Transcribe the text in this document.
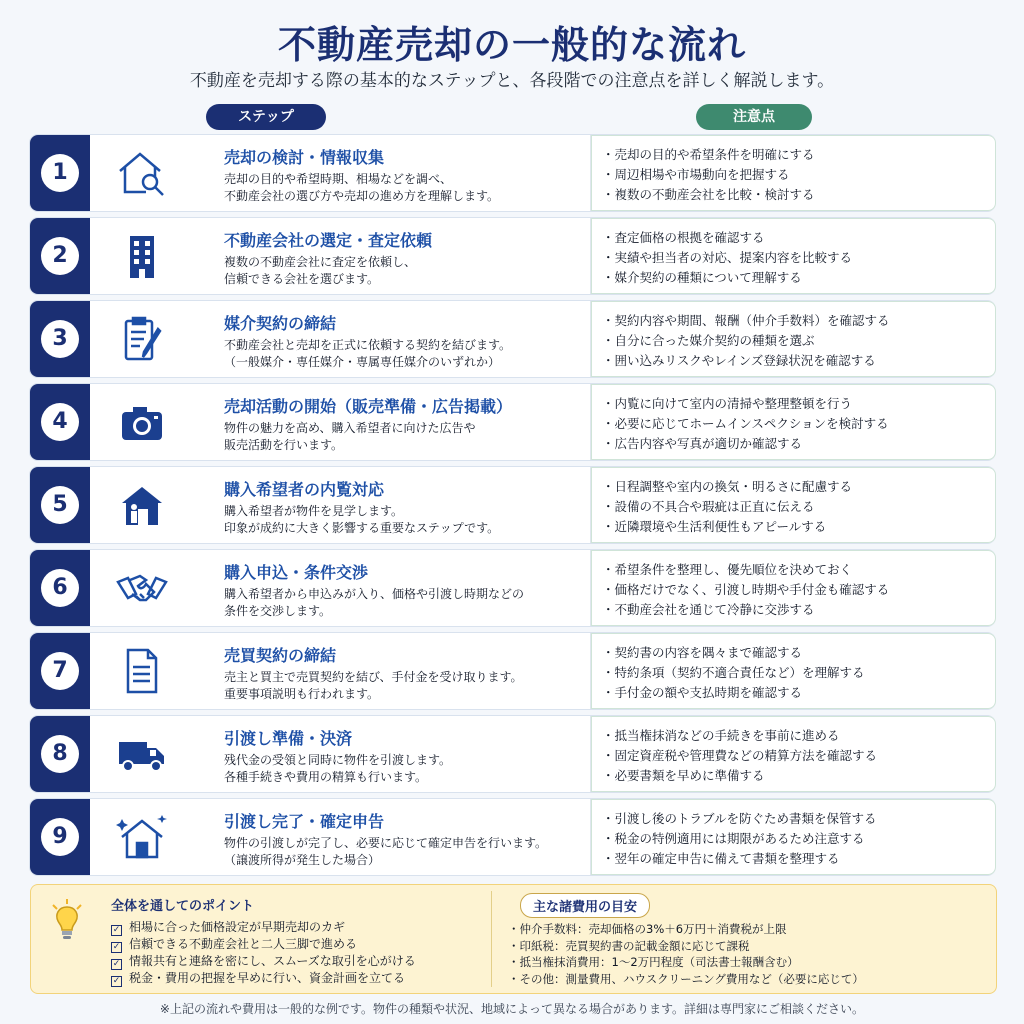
不動産売却の一般的な流れ
不動産を売却する際の基本的なステップと、各段階での注意点を詳しく解説します。
ステップ	注意点
1
売却の検討・情報収集
売却の目的や希望時期、相場などを調べ、
不動産会社の選び方や売却の進め方を理解します。
・ 売却の目的や希望条件を明確にする
・ 周辺相場や市場動向を把握する
・ 複数の不動産会社を比較・検討する
2
不動産会社の選定・査定依頼
複数の不動産会社に査定を依頼し、
信頼できる会社を選びます。
・ 査定価格の根拠を確認する
・ 実績や担当者の対応、提案内容を比較する
・ 媒介契約の種類について理解する
3
媒介契約の締結
不動産会社と売却を正式に依頼する契約を結びます。
（一般媒介・専任媒介・専属専任媒介のいずれか）
・ 契約内容や期間、報酬（仲介手数料）を確認する
・ 自分に合った媒介契約の種類を選ぶ
・ 囲い込みリスクやレインズ登録状況を確認する
4
売却活動の開始（販売準備・広告掲載）
物件の魅力を高め、購入希望者に向けた広告や
販売活動を行います。
・ 内覧に向けて室内の清掃や整理整頓を行う
・ 必要に応じてホームインスペクションを検討する
・ 広告内容や写真が適切か確認する
5
購入希望者の内覧対応
購入希望者が物件を見学します。
印象が成約に大きく影響する重要なステップです。
・ 日程調整や室内の換気・明るさに配慮する
・ 設備の不具合や瑕疵は正直に伝える
・ 近隣環境や生活利便性もアピールする
6
購入申込・条件交渉
購入希望者から申込みが入り、価格や引渡し時期などの
条件を交渉します。
・ 希望条件を整理し、優先順位を決めておく
・ 価格だけでなく、引渡し時期や手付金も確認する
・ 不動産会社を通じて冷静に交渉する
7
売買契約の締結
売主と買主で売買契約を結び、手付金を受け取ります。
重要事項説明も行われます。
・ 契約書の内容を隅々まで確認する
・ 特約条項（契約不適合責任など）を理解する
・ 手付金の額や支払時期を確認する
8
引渡し準備・決済
残代金の受領と同時に物件を引渡します。
各種手続きや費用の精算も行います。
・ 抵当権抹消などの手続きを事前に進める
・ 固定資産税や管理費などの精算方法を確認する
・ 必要書類を早めに準備する
9
引渡し完了・確定申告
物件の引渡しが完了し、必要に応じて確定申告を行います。
（譲渡所得が発生した場合）
・ 引渡し後のトラブルを防ぐため書類を保管する
・ 税金の特例適用には期限があるため注意する
・ 翌年の確定申告に備えて書類を整理する
全体を通してのポイント
✓ 相場に合った価格設定が早期売却のカギ
✓ 信頼できる不動産会社と二人三脚で進める
✓ 情報共有と連絡を密にし、スムーズな取引を心がける
✓ 税金・費用の把握を早めに行い、資金計画を立てる
主な諸費用の目安
・ 仲介手数料：売却価格の3%＋6万円＋消費税が上限
・ 印紙税：売買契約書の記載金額に応じて課税
・ 抵当権抹消費用：1〜2万円程度（司法書士報酬含む）
・ その他：測量費用、ハウスクリーニング費用など（必要に応じて）
※上記の流れや費用は一般的な例です。物件の種類や状況、地域によって異なる場合があります。詳細は専門家にご相談ください。
